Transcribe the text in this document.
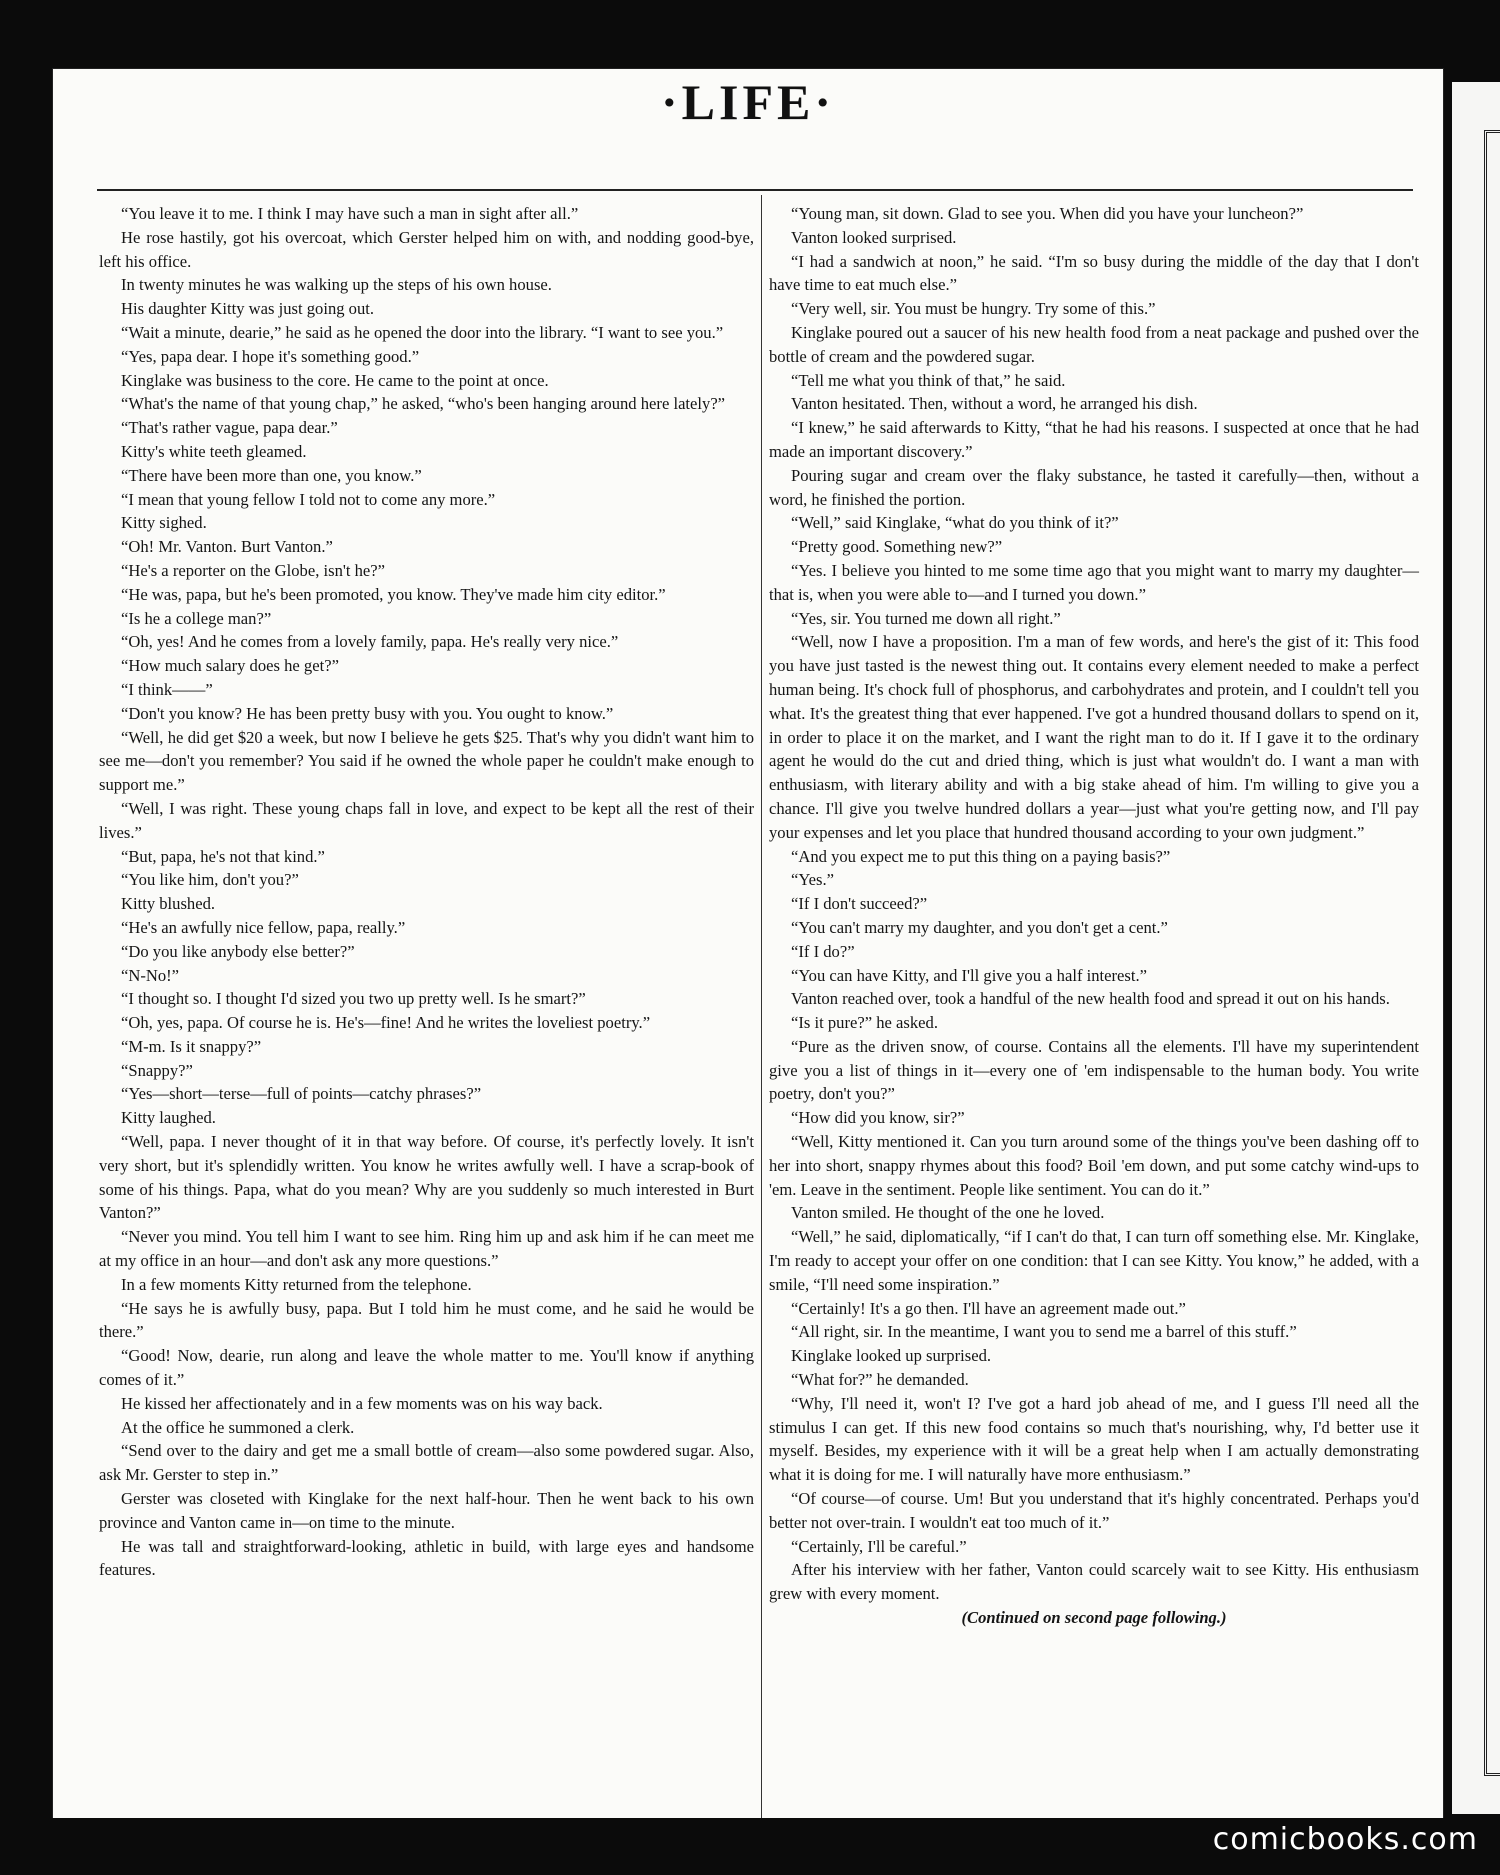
·LIFE·

“You leave it to me. I think I may have such a man in sight after all.”

He rose hastily, got his overcoat, which Gerster helped him on with, and nodding good-bye, left his office.

In twenty minutes he was walking up the steps of his own house.

His daughter Kitty was just going out.

“Wait a minute, dearie,” he said as he opened the door into the library. “I want to see you.”

“Yes, papa dear. I hope it's something good.”

Kinglake was business to the core. He came to the point at once.

“What's the name of that young chap,” he asked, “who's been hanging around here lately?”

“That's rather vague, papa dear.”

Kitty's white teeth gleamed.

“There have been more than one, you know.”

“I mean that young fellow I told not to come any more.”

Kitty sighed.

“Oh! Mr. Vanton. Burt Vanton.”

“He's a reporter on the Globe, isn't he?”

“He was, papa, but he's been promoted, you know. They've made him city editor.”

“Is he a college man?”

“Oh, yes! And he comes from a lovely family, papa. He's really very nice.”

“How much salary does he get?”

“I think——”

“Don't you know? He has been pretty busy with you. You ought to know.”

“Well, he did get $20 a week, but now I believe he gets $25. That's why you didn't want him to see me—don't you remember? You said if he owned the whole paper he couldn't make enough to support me.”

“Well, I was right. These young chaps fall in love, and expect to be kept all the rest of their lives.”

“But, papa, he's not that kind.”

“You like him, don't you?”

Kitty blushed.

“He's an awfully nice fellow, papa, really.”

“Do you like anybody else better?”

“N-No!”

“I thought so. I thought I'd sized you two up pretty well. Is he smart?”

“Oh, yes, papa. Of course he is. He's—fine! And he writes the loveliest poetry.”

“M-m. Is it snappy?”

“Snappy?”

“Yes—short—terse—full of points—catchy phrases?”

Kitty laughed.

“Well, papa. I never thought of it in that way before. Of course, it's perfectly lovely. It isn't very short, but it's splendidly written. You know he writes awfully well. I have a scrap-book of some of his things. Papa, what do you mean? Why are you suddenly so much interested in Burt Vanton?”

“Never you mind. You tell him I want to see him. Ring him up and ask him if he can meet me at my office in an hour—and don't ask any more questions.”

In a few moments Kitty returned from the telephone.

“He says he is awfully busy, papa. But I told him he must come, and he said he would be there.”

“Good! Now, dearie, run along and leave the whole matter to me. You'll know if anything comes of it.”

He kissed her affectionately and in a few moments was on his way back.

At the office he summoned a clerk.

“Send over to the dairy and get me a small bottle of cream—also some powdered sugar. Also, ask Mr. Gerster to step in.”

Gerster was closeted with Kinglake for the next half-hour. Then he went back to his own province and Vanton came in—on time to the minute.

He was tall and straightforward-looking, athletic in build, with large eyes and handsome features.

“Young man, sit down. Glad to see you. When did you have your luncheon?”

Vanton looked surprised.

“I had a sandwich at noon,” he said. “I'm so busy during the middle of the day that I don't have time to eat much else.”

“Very well, sir. You must be hungry. Try some of this.”

Kinglake poured out a saucer of his new health food from a neat package and pushed over the bottle of cream and the powdered sugar.

“Tell me what you think of that,” he said.

Vanton hesitated. Then, without a word, he arranged his dish.

“I knew,” he said afterwards to Kitty, “that he had his reasons. I suspected at once that he had made an important discovery.”

Pouring sugar and cream over the flaky substance, he tasted it carefully—then, without a word, he finished the portion.

“Well,” said Kinglake, “what do you think of it?”

“Pretty good. Something new?”

“Yes. I believe you hinted to me some time ago that you might want to marry my daughter—that is, when you were able to—and I turned you down.”

“Yes, sir. You turned me down all right.”

“Well, now I have a proposition. I'm a man of few words, and here's the gist of it: This food you have just tasted is the newest thing out. It contains every element needed to make a perfect human being. It's chock full of phosphorus, and carbohydrates and protein, and I couldn't tell you what. It's the greatest thing that ever happened. I've got a hundred thousand dollars to spend on it, in order to place it on the market, and I want the right man to do it. If I gave it to the ordinary agent he would do the cut and dried thing, which is just what wouldn't do. I want a man with enthusiasm, with literary ability and with a big stake ahead of him. I'm willing to give you a chance. I'll give you twelve hundred dollars a year—just what you're getting now, and I'll pay your expenses and let you place that hundred thousand according to your own judgment.”

“And you expect me to put this thing on a paying basis?”

“Yes.”

“If I don't succeed?”

“You can't marry my daughter, and you don't get a cent.”

“If I do?”

“You can have Kitty, and I'll give you a half interest.”

Vanton reached over, took a handful of the new health food and spread it out on his hands.

“Is it pure?” he asked.

“Pure as the driven snow, of course. Contains all the elements. I'll have my superintendent give you a list of things in it—every one of 'em indispensable to the human body. You write poetry, don't you?”

“How did you know, sir?”

“Well, Kitty mentioned it. Can you turn around some of the things you've been dashing off to her into short, snappy rhymes about this food? Boil 'em down, and put some catchy wind-ups to 'em. Leave in the sentiment. People like sentiment. You can do it.”

Vanton smiled. He thought of the one he loved.

“Well,” he said, diplomatically, “if I can't do that, I can turn off something else. Mr. Kinglake, I'm ready to accept your offer on one condition: that I can see Kitty. You know,” he added, with a smile, “I'll need some inspiration.”

“Certainly! It's a go then. I'll have an agreement made out.”

“All right, sir. In the meantime, I want you to send me a barrel of this stuff.”

Kinglake looked up surprised.

“What for?” he demanded.

“Why, I'll need it, won't I? I've got a hard job ahead of me, and I guess I'll need all the stimulus I can get. If this new food contains so much that's nourishing, why, I'd better use it myself. Besides, my experience with it will be a great help when I am actually demonstrating what it is doing for me. I will naturally have more enthusiasm.”

“Of course—of course. Um! But you understand that it's highly concentrated. Perhaps you'd better not over-train. I wouldn't eat too much of it.”

“Certainly, I'll be careful.”

After his interview with her father, Vanton could scarcely wait to see Kitty. His enthusiasm grew with every moment.

(Continued on second page following.)

comicbooks.com
